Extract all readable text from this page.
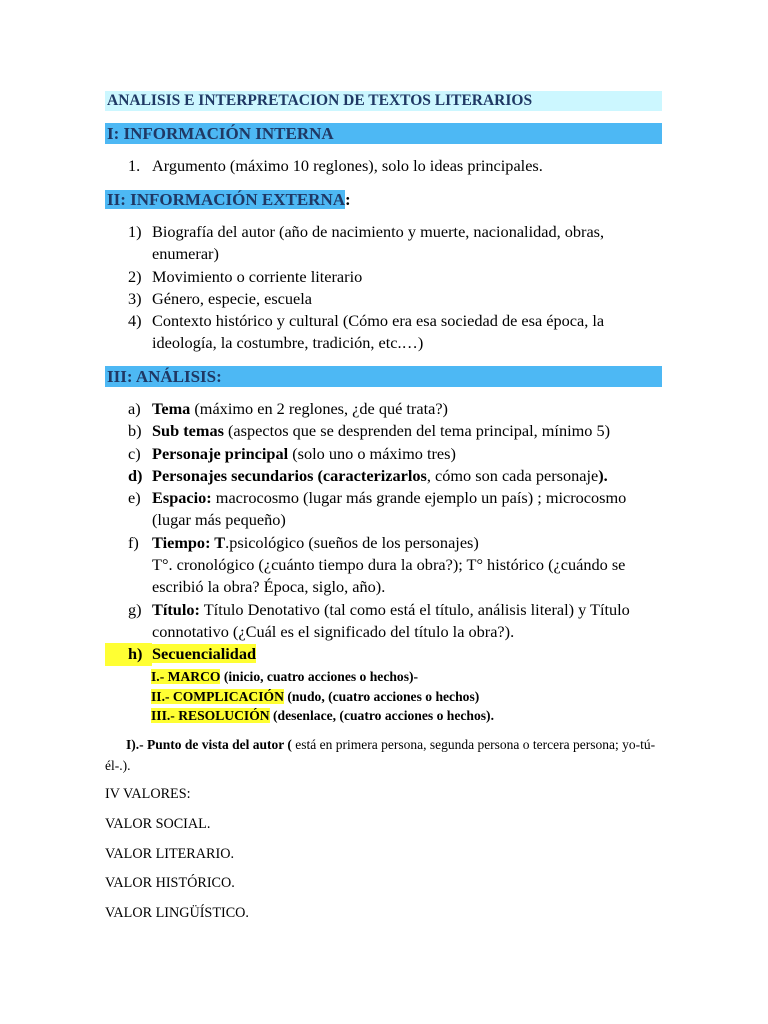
ANALISIS E INTERPRETACION DE TEXTOS LITERARIOS
I: INFORMACIÓN INTERNA
1. Argumento (máximo 10 reglones), solo lo ideas principales.
II: INFORMACIÓN EXTERNA:
1) Biografía del autor (año de nacimiento y muerte, nacionalidad, obras, enumerar)
2) Movimiento o corriente literario
3) Género, especie, escuela
4) Contexto histórico y cultural (Cómo era esa sociedad de esa época, la ideología, la costumbre, tradición, etc.…)
III: ANÁLISIS:
a) Tema (máximo en 2 reglones, ¿de qué trata?)
b) Sub temas (aspectos que se desprenden del tema principal, mínimo 5)
c) Personaje principal (solo uno o máximo tres)
d) Personajes secundarios (caracterizarlos, cómo son cada personaje).
e) Espacio: macrocosmo (lugar más grande ejemplo un país) ; microcosmo (lugar más pequeño)
f) Tiempo: T.psicológico (sueños de los personajes)
T°. cronológico (¿cuánto tiempo dura la obra?); T° histórico (¿cuándo se escribió la obra? Época, siglo, año).
g) Título: Título Denotativo (tal como está el título, análisis literal) y Título connotativo (¿Cuál es el significado del título la obra?).
h) Secuencialidad
I.- MARCO (inicio, cuatro acciones o hechos)-
II.- COMPLICACIÓN (nudo, (cuatro acciones o hechos)
III.- RESOLUCIÓN (desenlace, (cuatro acciones o hechos).
I).- Punto de vista del autor ( está en primera persona, segunda persona o tercera persona; yo-tú-él-.).
IV VALORES:
VALOR SOCIAL.
VALOR LITERARIO.
VALOR HISTÓRICO.
VALOR LINGÜÍSTICO.
